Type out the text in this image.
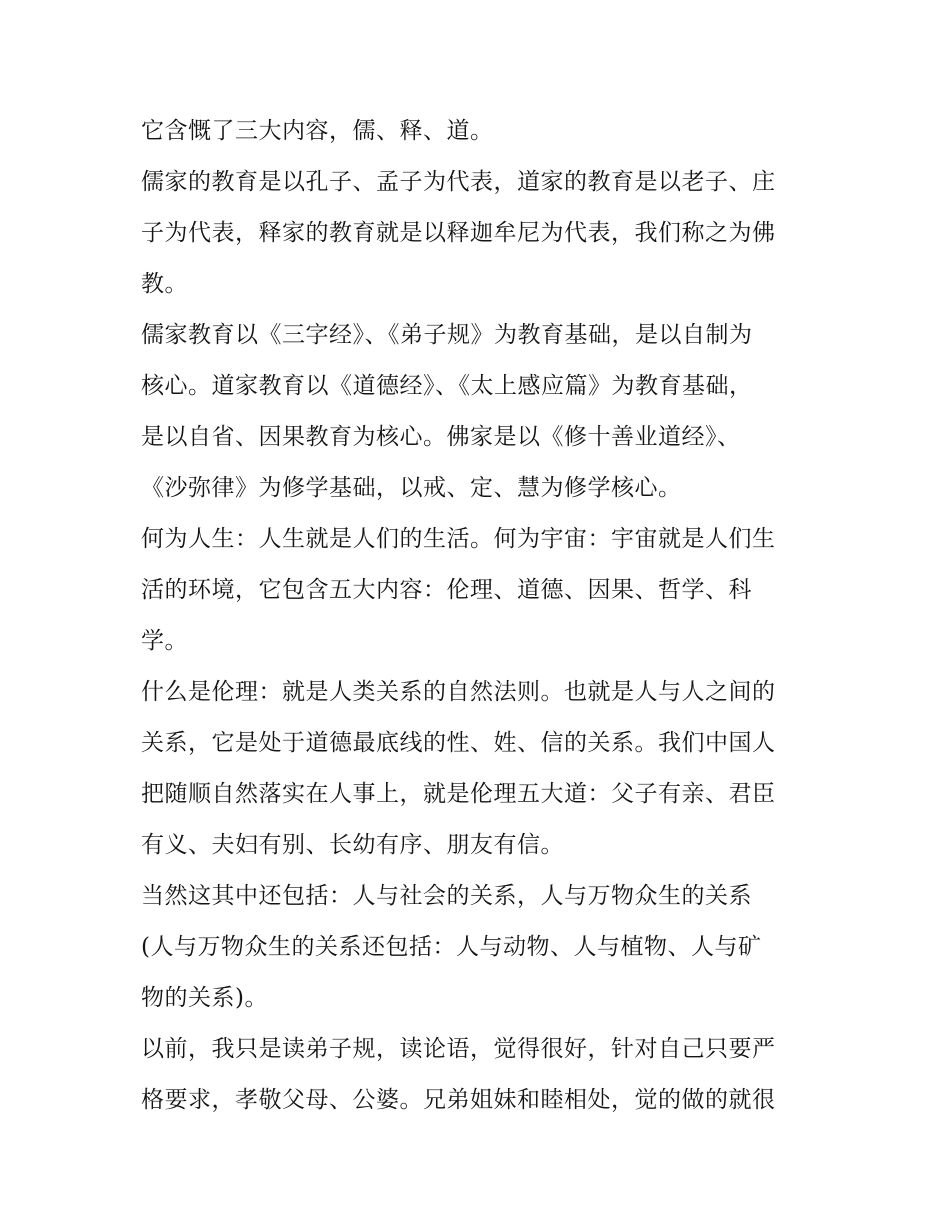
它含慨了三大内容，儒、释、道。
儒家的教育是以孔子、孟子为代表，道家的教育是以老子、庄
子为代表，释家的教育就是以释迦牟尼为代表，我们称之为佛
教。
儒家教育以《三字经》、《弟子规》为教育基础，是以自制为
核心。道家教育以《道德经》、《太上感应篇》为教育基础，
是以自省、因果教育为核心。佛家是以《修十善业道经》、
《沙弥律》为修学基础，以戒、定、慧为修学核心。
何为人生：人生就是人们的生活。何为宇宙：宇宙就是人们生
活的环境，它包含五大内容：伦理、道德、因果、哲学、科
学。
什么是伦理：就是人类关系的自然法则。也就是人与人之间的
关系，它是处于道德最底线的性、姓、信的关系。我们中国人
把随顺自然落实在人事上，就是伦理五大道：父子有亲、君臣
有义、夫妇有别、长幼有序、朋友有信。
当然这其中还包括：人与社会的关系，人与万物众生的关系
(人与万物众生的关系还包括：人与动物、人与植物、人与矿
物的关系)。
以前，我只是读弟子规，读论语，觉得很好，针对自己只要严
格要求，孝敬父母、公婆。兄弟姐妹和睦相处，觉的做的就很
